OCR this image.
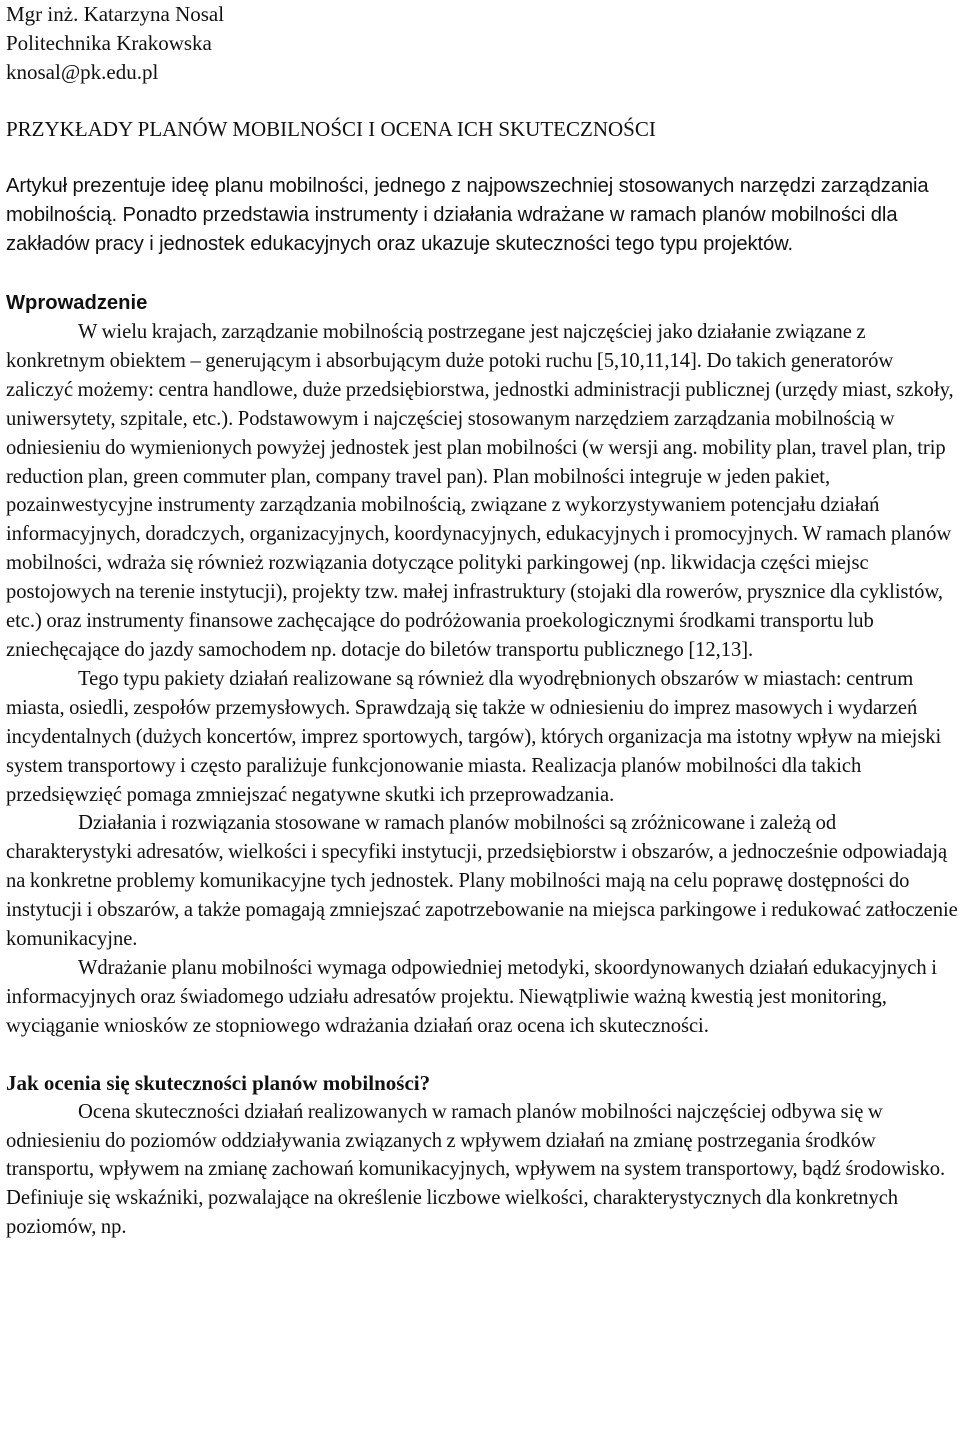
Mgr inż. Katarzyna Nosal
Politechnika Krakowska
knosal@pk.edu.pl
PRZYKŁADY PLANÓW MOBILNOŚCI I OCENA ICH SKUTECZNOŚCI

Artykuł prezentuje ideę planu mobilności, jednego z najpowszechniej stosowanych narzędzi zarządzania mobilnością. Ponadto przedstawia instrumenty i działania wdrażane w ramach planów mobilności dla zakładów pracy i jednostek edukacyjnych oraz ukazuje skuteczności tego typu projektów.

Wprowadzenie

W wielu krajach, zarządzanie mobilnością postrzegane jest najczęściej jako działanie związane z konkretnym obiektem – generującym i absorbującym duże potoki ruchu [5,10,11,14]. Do takich generatorów zaliczyć możemy: centra handlowe, duże przedsiębiorstwa, jednostki administracji publicznej (urzędy miast, szkoły, uniwersytety, szpitale, etc.). Podstawowym i najczęściej stosowanym narzędziem zarządzania mobilnością w odniesieniu do wymienionych powyżej jednostek jest plan mobilności (w wersji ang. mobility plan, travel plan, trip reduction plan, green commuter plan, company travel pan). Plan mobilności integruje w jeden pakiet, pozainwestycyjne instrumenty zarządzania mobilnością, związane z wykorzystywaniem potencjału działań informacyjnych, doradczych, organizacyjnych, koordynacyjnych, edukacyjnych i promocyjnych. W ramach planów mobilności, wdraża się również rozwiązania dotyczące polityki parkingowej (np. likwidacja części miejsc postojowych na terenie instytucji), projekty tzw. małej infrastruktury (stojaki dla rowerów, prysznice dla cyklistów, etc.) oraz instrumenty finansowe zachęcające do podróżowania proekologicznymi środkami transportu lub zniechęcające do jazdy samochodem np. dotacje do biletów transportu publicznego [12,13].

Tego typu pakiety działań realizowane są również dla wyodrębnionych obszarów w miastach: centrum miasta, osiedli, zespołów przemysłowych. Sprawdzają się także w odniesieniu do imprez masowych i wydarzeń incydentalnych (dużych koncertów, imprez sportowych, targów), których organizacja ma istotny wpływ na miejski system transportowy i często paraliżuje funkcjonowanie miasta. Realizacja planów mobilności dla takich przedsięwzięć pomaga zmniejszać negatywne skutki ich przeprowadzania.

Działania i rozwiązania stosowane w ramach planów mobilności są zróżnicowane i zależą od charakterystyki adresatów, wielkości i specyfiki instytucji, przedsiębiorstw i obszarów, a jednocześnie odpowiadają na konkretne problemy komunikacyjne tych jednostek. Plany mobilności mają na celu poprawę dostępności do instytucji i obszarów, a także pomagają zmniejszać zapotrzebowanie na miejsca parkingowe i redukować zatłoczenie komunikacyjne.

Wdrażanie planu mobilności wymaga odpowiedniej metodyki, skoordynowanych działań edukacyjnych i informacyjnych oraz świadomego udziału adresatów projektu. Niewątpliwie ważną kwestią jest monitoring, wyciąganie wniosków ze stopniowego wdrażania działań oraz ocena ich skuteczności.

Jak ocenia się skuteczności planów mobilności?

Ocena skuteczności działań realizowanych w ramach planów mobilności najczęściej odbywa się w odniesieniu do poziomów oddziaływania związanych z wpływem działań na zmianę postrzegania środków transportu, wpływem na zmianę zachowań komunikacyjnych, wpływem na system transportowy, bądź środowisko. Definiuje się wskaźniki, pozwalające na określenie liczbowe wielkości, charakterystycznych dla konkretnych poziomów, np.
